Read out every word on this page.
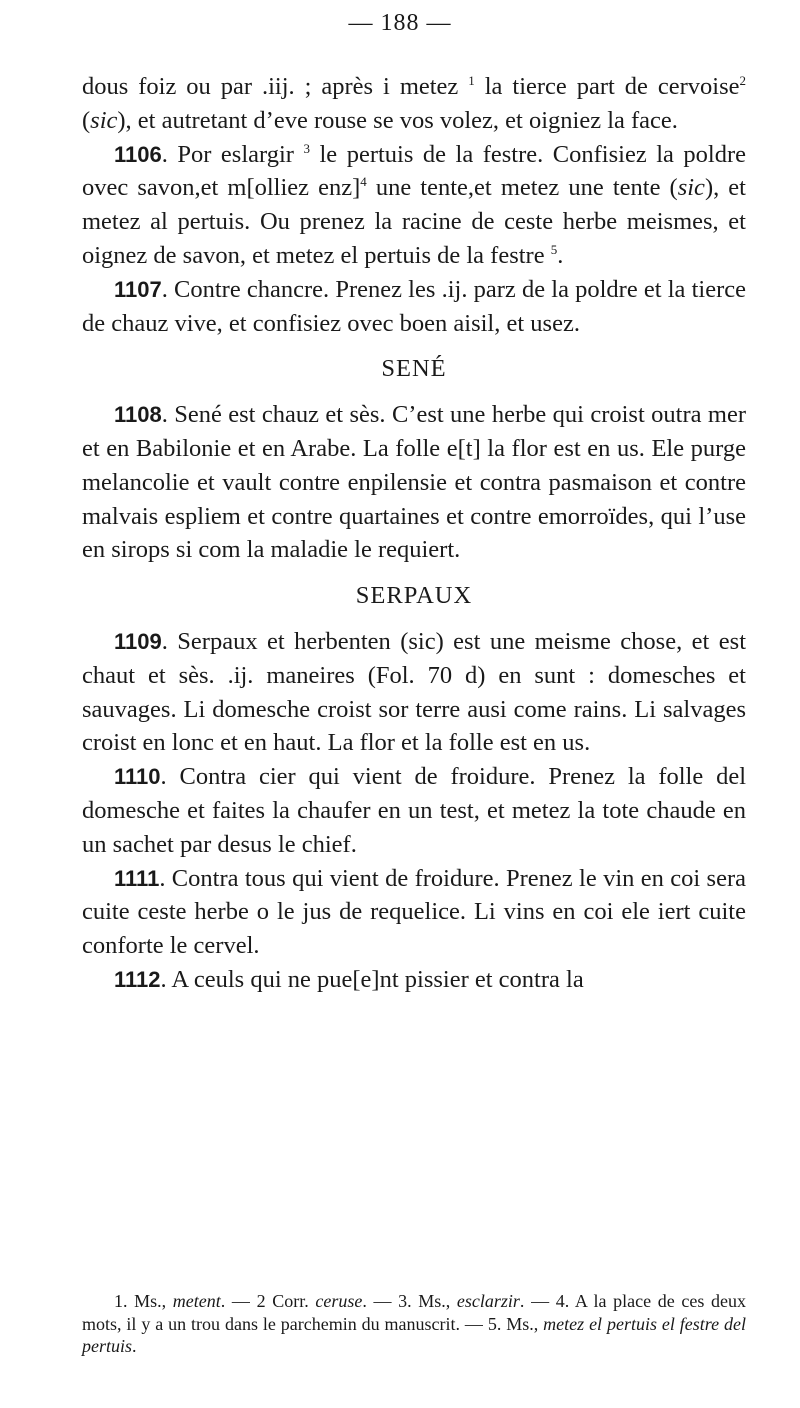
— 188 —

dous foiz ou par .iij. ; après i metez $^1$ la tierce part de cervoise$^2$ (sic), et autretant d’eve rouse se vos volez, et oigniez la face.

1106. Por eslargir $^3$ le pertuis de la festre. Confisiez la poldre ovec savon,et m[olliez enz]$^4$ une tente,et metez une tente (sic), et metez al pertuis. Ou prenez la racine de ceste herbe meismes, et oignez de savon, et metez el pertuis de la festre $^5$.

1107. Contre chancre. Prenez les .ij. parz de la poldre et la tierce de chauz vive, et confisiez ovec boen aisil, et usez.

SENÉ

1108. Sené est chauz et sès. C’est une herbe qui croist outra mer et en Babilonie et en Arabe. La folle e[t] la flor est en us. Ele purge melancolie et vault contre enpilensie et contra pasmaison et contre malvais espliem et contre quartaines et contre emorroïdes, qui l’use en sirops si com la maladie le requiert.

SERPAUX

1109. Serpaux et herbenten (sic) est une meisme chose, et est chaut et sès. .ij. maneires (Fol. 70 d) en sunt : domesches et sauvages. Li domesche croist sor terre ausi come rains. Li salvages croist en lonc et en haut. La flor et la folle est en us.

1110. Contra cier qui vient de froidure. Prenez la folle del domesche et faites la chaufer en un test, et metez la tote chaude en un sachet par desus le chief.

1111. Contra tous qui vient de froidure. Prenez le vin en coi sera cuite ceste herbe o le jus de requelice. Li vins en coi ele iert cuite conforte le cervel.

1112. A ceuls qui ne pue[e]nt pissier et contra la

1. Ms., metent. — 2 Corr. ceruse. — 3. Ms., esclarzir. — 4. A la place de ces deux mots, il y a un trou dans le parchemin du manuscrit. — 5. Ms., metez el pertuis el festre del pertuis.
